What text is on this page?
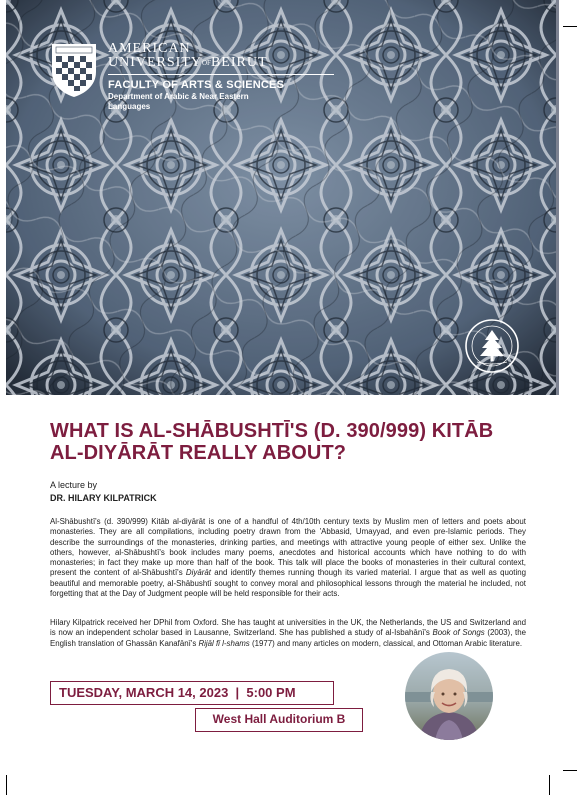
AMERICAN
UNIVERSITYOFBEIRUT
FACULTY OF ARTS & SCIENCES
Department of Arabic & Near Eastern Languages
WHAT IS AL-SHĀBUSHTĪ'S (D. 390/999) KITĀB AL-DIYĀRĀT REALLY ABOUT?
A lecture by
DR. HILARY KILPATRICK
Al-Shābushtī's (d. 390/999) Kitāb al-diyārāt is one of a handful of 4th/10th century texts by Muslim men of letters and poets about monasteries. They are all compilations, including poetry drawn from the 'Abbasid, Umayyad, and even pre-Islamic periods. They describe the surroundings of the monasteries, drinking parties, and meetings with attractive young people of either sex. Unlike the others, however, al-Shābushtī's book includes many poems, anecdotes and historical accounts which have nothing to do with monasteries; in fact they make up more than half of the book. This talk will place the books of monasteries in their cultural context, present the content of al-Shābushtī's Diyārāt and identify themes running though its varied material. I argue that as well as quoting beautiful and memorable poetry, al-Shābushtī sought to convey moral and philosophical lessons through the material he included, not forgetting that at the Day of Judgment people will be held responsible for their acts.
Hilary Kilpatrick received her DPhil from Oxford. She has taught at universities in the UK, the Netherlands, the US and Switzerland and is now an independent scholar based in Lausanne, Switzerland. She has published a study of al-Isbahānī's Book of Songs (2003), the English translation of Ghassān Kanafānī's Rijāl fī l-shams (1977) and many articles on modern, classical, and Ottoman Arabic literature.
TUESDAY, MARCH 14, 2023  |  5:00 PM
West Hall Auditorium B
